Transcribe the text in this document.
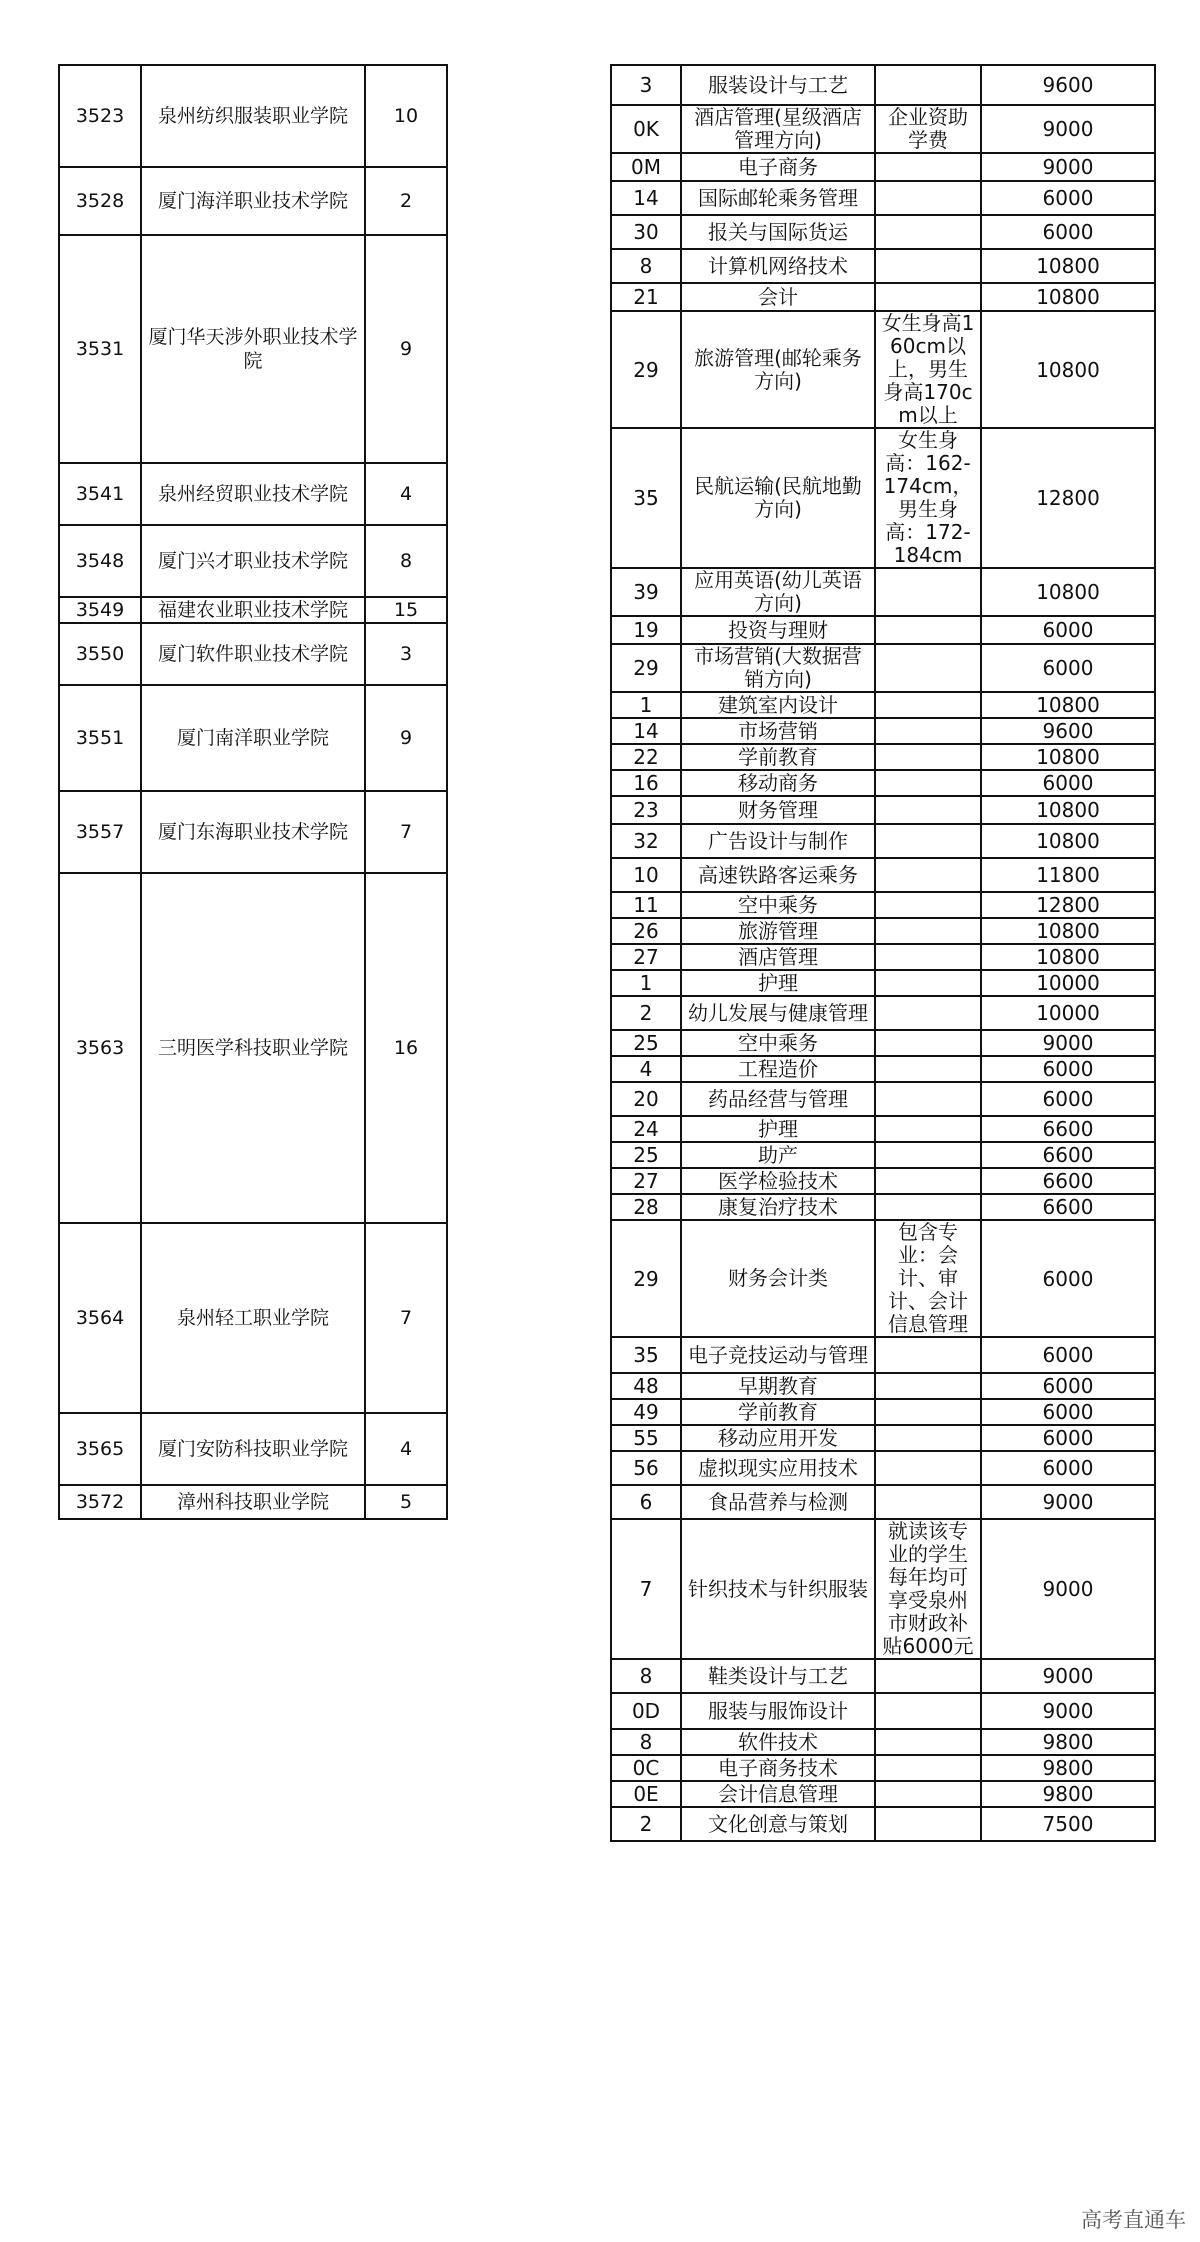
3523	泉州纺织服装职业学院	10	
3528	厦门海洋职业技术学院	2	
3531	厦门华天涉外职业技术学院	9	
3541	泉州经贸职业技术学院	4	
3548	厦门兴才职业技术学院	8	
3549	福建农业职业技术学院	15	
3550	厦门软件职业技术学院	3	
3551	厦门南洋职业学院	9	
3557	厦门东海职业技术学院	7	
3563	三明医学科技职业学院	16	
3564	泉州轻工职业学院	7	
3565	厦门安防科技职业学院	4	
3572	漳州科技职业学院	5	
3	服装设计与工艺		9600
0K	酒店管理(星级酒店管理方向)	企业资助学费	9000
0M	电子商务		9000
14	国际邮轮乘务管理		6000
30	报关与国际货运		6000
8	计算机网络技术		10800
21	会计		10800
29	旅游管理(邮轮乘务方向)	女生身高160cm以上，男生身高170cm以上	10800
35	民航运输(民航地勤方向)	女生身高：162-174cm，男生身高：172-184cm	12800
39	应用英语(幼儿英语方向)		10800
19	投资与理财		6000
29	市场营销(大数据营销方向)		6000
1	建筑室内设计		10800
14	市场营销		9600
22	学前教育		10800
16	移动商务		6000
23	财务管理		10800
32	广告设计与制作		10800
10	高速铁路客运乘务		11800
11	空中乘务		12800
26	旅游管理		10800
27	酒店管理		10800
1	护理		10000
2	幼儿发展与健康管理		10000
25	空中乘务		9000
4	工程造价		6000
20	药品经营与管理		6000
24	护理		6600
25	助产		6600
27	医学检验技术		6600
28	康复治疗技术		6600
29	财务会计类	包含专业：会计、审计、会计信息管理	6000
35	电子竞技运动与管理		6000
48	早期教育		6000
49	学前教育		6000
55	移动应用开发		6000
56	虚拟现实应用技术		6000
6	食品营养与检测		9000
7	针织技术与针织服装	就读该专业的学生每年均可享受泉州市财政补贴6000元	9000
8	鞋类设计与工艺		9000
0D	服装与服饰设计		9000
8	软件技术		9800
0C	电子商务技术		9800
0E	会计信息管理		9800
2	文化创意与策划		7500
高考直通车
